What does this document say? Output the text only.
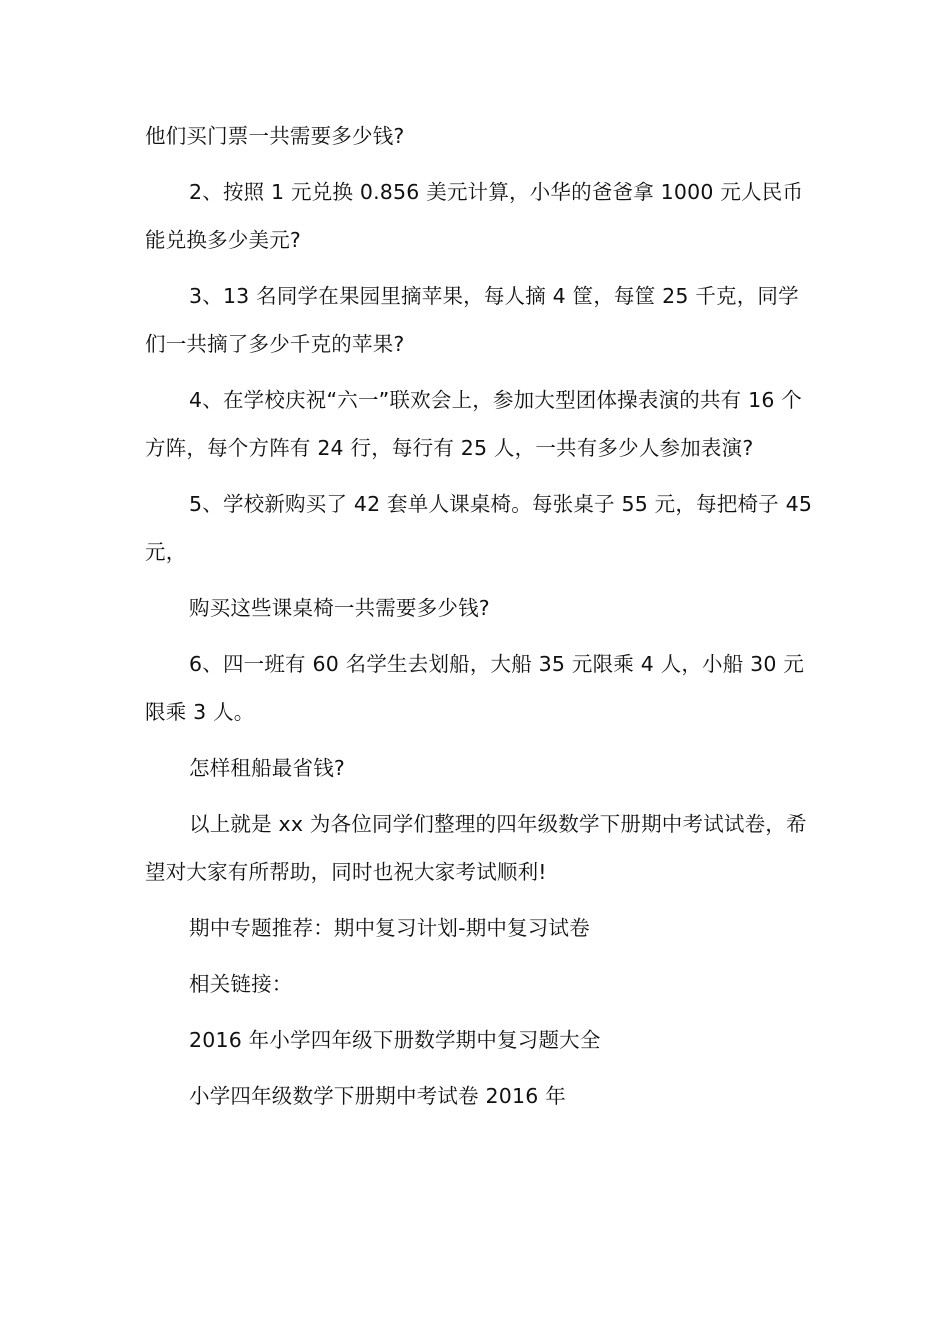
他们买门票一共需要多少钱?

2、按照 1 元兑换 0.856 美元计算，小华的爸爸拿 1000 元人民币能兑换多少美元?

3、13 名同学在果园里摘苹果，每人摘 4 筐，每筐 25 千克，同学们一共摘了多少千克的苹果?

4、在学校庆祝“六一”联欢会上，参加大型团体操表演的共有 16 个方阵，每个方阵有 24 行，每行有 25 人，一共有多少人参加表演?

5、学校新购买了 42 套单人课桌椅。每张桌子 55 元，每把椅子 45 元，

购买这些课桌椅一共需要多少钱?

6、四一班有 60 名学生去划船，大船 35 元限乘 4 人，小船 30 元限乘 3 人。

怎样租船最省钱?

以上就是 xx 为各位同学们整理的四年级数学下册期中考试试卷，希望对大家有所帮助，同时也祝大家考试顺利!

期中专题推荐：期中复习计划-期中复习试卷

相关链接：

2016 年小学四年级下册数学期中复习题大全

小学四年级数学下册期中考试卷 2016 年
